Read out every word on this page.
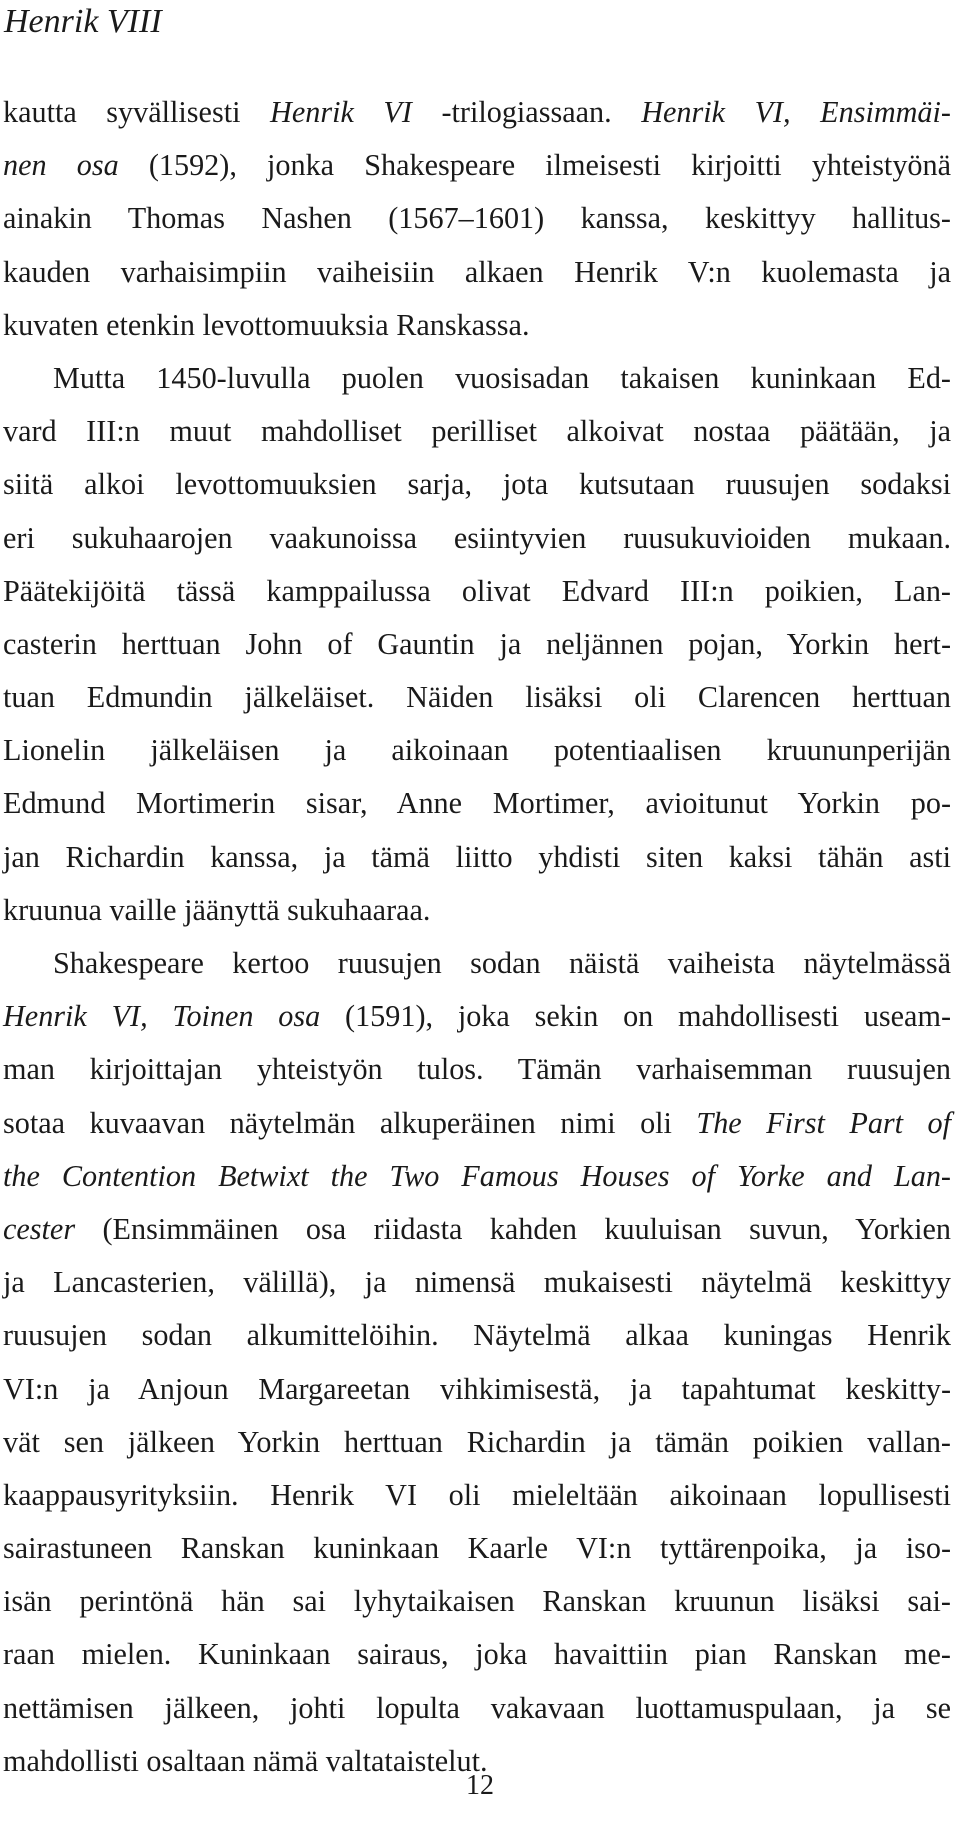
Henrik VIII
kautta syvällisesti Henrik VI -trilogiassaan. Henrik VI, Ensimmäi-
nen osa (1592), jonka Shakespeare ilmeisesti kirjoitti yhteistyönä
ainakin Thomas Nashen (1567–1601) kanssa, keskittyy hallitus-
kauden varhaisimpiin vaiheisiin alkaen Henrik V:n kuolemasta ja
kuvaten etenkin levottomuuksia Ranskassa.
Mutta 1450-luvulla puolen vuosisadan takaisen kuninkaan Ed-
vard III:n muut mahdolliset perilliset alkoivat nostaa päätään, ja
siitä alkoi levottomuuksien sarja, jota kutsutaan ruusujen sodaksi
eri sukuhaarojen vaakunoissa esiintyvien ruusukuvioiden mukaan.
Päätekijöitä tässä kamppailussa olivat Edvard III:n poikien, Lan-
casterin herttuan John of Gauntin ja neljännen pojan, Yorkin hert-
tuan Edmundin jälkeläiset. Näiden lisäksi oli Clarencen herttuan
Lionelin jälkeläisen ja aikoinaan potentiaalisen kruununperijän
Edmund Mortimerin sisar, Anne Mortimer, avioitunut Yorkin po-
jan Richardin kanssa, ja tämä liitto yhdisti siten kaksi tähän asti
kruunua vaille jäänyttä sukuhaaraa.
Shakespeare kertoo ruusujen sodan näistä vaiheista näytelmässä
Henrik VI, Toinen osa (1591), joka sekin on mahdollisesti useam-
man kirjoittajan yhteistyön tulos. Tämän varhaisemman ruusujen
sotaa kuvaavan näytelmän alkuperäinen nimi oli The First Part of
the Contention Betwixt the Two Famous Houses of Yorke and Lan-
cester (Ensimmäinen osa riidasta kahden kuuluisan suvun, Yorkien
ja Lancasterien, välillä), ja nimensä mukaisesti näytelmä keskittyy
ruusujen sodan alkumittelöihin. Näytelmä alkaa kuningas Henrik
VI:n ja Anjoun Margareetan vihkimisestä, ja tapahtumat keskitty-
vät sen jälkeen Yorkin herttuan Richardin ja tämän poikien vallan-
kaappausyrityksiin. Henrik VI oli mieleltään aikoinaan lopullisesti
sairastuneen Ranskan kuninkaan Kaarle VI:n tyttärenpoika, ja iso-
isän perintönä hän sai lyhytaikaisen Ranskan kruunun lisäksi sai-
raan mielen. Kuninkaan sairaus, joka havaittiin pian Ranskan me-
nettämisen jälkeen, johti lopulta vakavaan luottamuspulaan, ja se
mahdollisti osaltaan nämä valtataistelut.
12
